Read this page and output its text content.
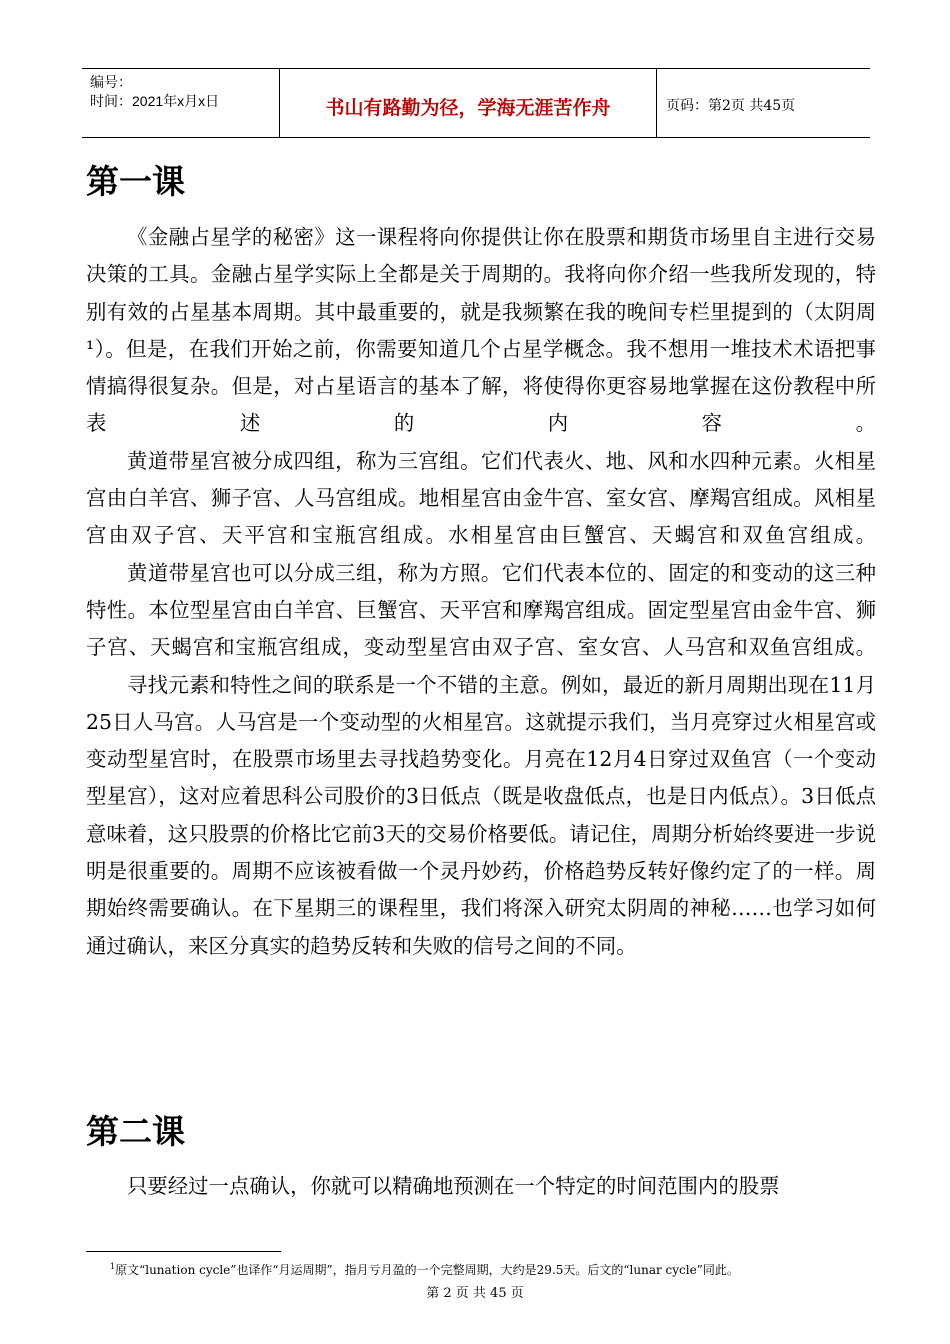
编号：
时间：2021年x月x日	书山有路勤为径，学海无涯苦作舟	页码：第2页 共45页
第一课

《金融占星学的秘密》这一课程将向你提供让你在股票和期货市场里自主进行交易决策的工具。金融占星学实际上全都是关于周期的。我将向你介绍一些我所发现的，特别有效的占星基本周期。其中最重要的，就是我频繁在我的晚间专栏里提到的（太阴周¹）。但是，在我们开始之前，你需要知道几个占星学概念。我不想用一堆技术术语把事情搞得很复杂。但是，对占星语言的基本了解，将使得你更容易地掌握在这份教程中所表述的内容。

黄道带星宫被分成四组，称为三宫组。它们代表火、地、风和水四种元素。火相星宫由白羊宫、狮子宫、人马宫组成。地相星宫由金牛宫、室女宫、摩羯宫组成。风相星宫由双子宫、天平宫和宝瓶宫组成。水相星宫由巨蟹宫、天蝎宫和双鱼宫组成。

黄道带星宫也可以分成三组，称为方照。它们代表本位的、固定的和变动的这三种特性。本位型星宫由白羊宫、巨蟹宫、天平宫和摩羯宫组成。固定型星宫由金牛宫、狮子宫、天蝎宫和宝瓶宫组成，变动型星宫由双子宫、室女宫、人马宫和双鱼宫组成。

寻找元素和特性之间的联系是一个不错的主意。例如，最近的新月周期出现在11月25日人马宫。人马宫是一个变动型的火相星宫。这就提示我们，当月亮穿过火相星宫或变动型星宫时，在股票市场里去寻找趋势变化。月亮在12月4日穿过双鱼宫（一个变动型星宫），这对应着思科公司股价的3日低点（既是收盘低点，也是日内低点）。3日低点意味着，这只股票的价格比它前3天的交易价格要低。请记住，周期分析始终要进一步说明是很重要的。周期不应该被看做一个灵丹妙药，价格趋势反转好像约定了的一样。周期始终需要确认。在下星期三的课程里，我们将深入研究太阴周的神秘……也学习如何通过确认，来区分真实的趋势反转和失败的信号之间的不同。

第二课

只要经过一点确认，你就可以精确地预测在一个特定的时间范围内的股票

$^1$原文“lunation cycle”也译作“月运周期”，指月亏月盈的一个完整周期，大约是29.5天。后文的“lunar cycle”同此。
第 2 页 共 45 页
